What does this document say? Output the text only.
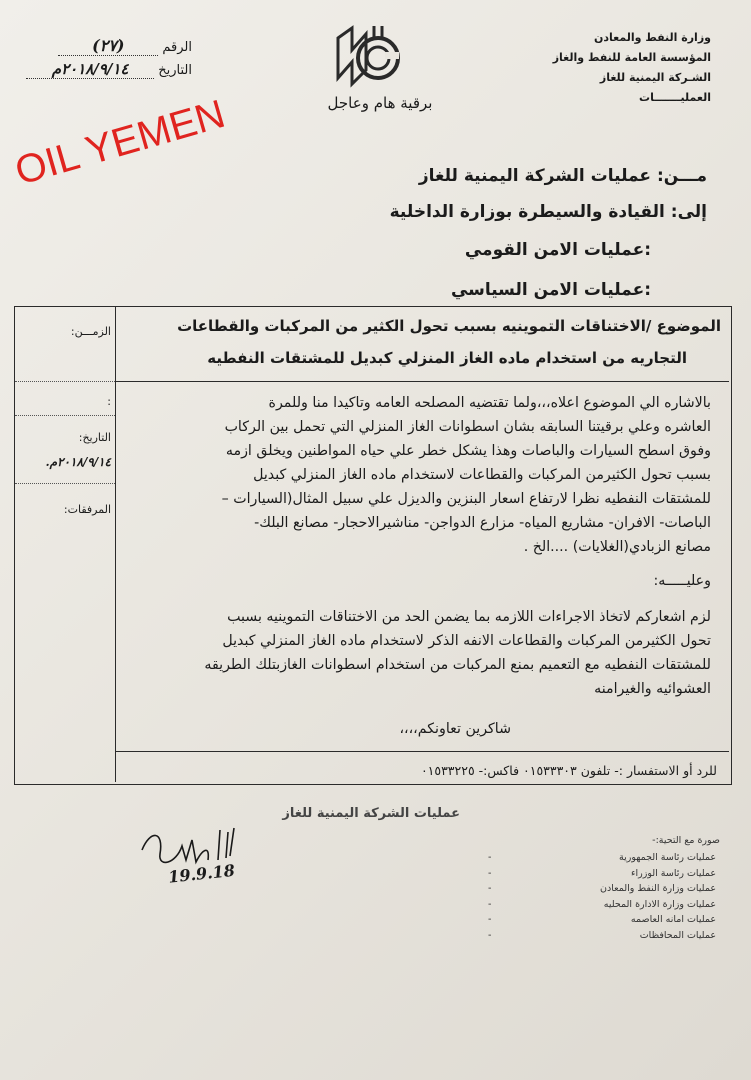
وزارة النفط والمعادن
المؤسسة العامة للنفط والغاز
الشـركة اليمنية للغاز
العمليـــــــات
برقية هام وعاجل
(٢٧)	الرقم
٢٠١٨/٩/١٤م التاريخ
OIL YEMEN	مـــن: عمليات الشركة اليمنية للغاز
إلى: القيادة والسيطرة بوزارة الداخلية
:عمليات الامن القومي
:عمليات الامن السياسي
الزمـــن:
:
التاريخ:
٢٠١٨/٩/١٤م.
المرفقات:
الموضوع /الاختناقات التموينيه بسبب تحول الكثير من المركبات والقطاعات
التجاريه من استخدام ماده الغاز المنزلي كبديل للمشتقات النفطيه
بالاشاره الي الموضوع اعلاه،،،ولما تقتضيه المصلحه العامه وتاكيدا منا وللمرة
العاشره وعلي برقيتنا السابقه بشان اسطوانات الغاز المنزلي التي تحمل بين الركاب
وفوق اسطح السيارات والباصات وهذا يشكل خطر علي حياه المواطنين ويخلق ازمه
بسبب تحول الكثيرمن المركبات والقطاعات لاستخدام ماده الغاز المنزلي كبديل
للمشتقات النفطيه نظرا لارتفاع اسعار البنزين والديزل علي سبيل المثال(السيارات –
الباصات- الافران- مشاريع المياه- مزارع الدواجن- مناشيرالاحجار- مصانع البلك-
مصانع الزبادي(الغلايات) ....الخ .
وعليـــــه:
لزم اشعاركم لاتخاذ الاجراءات اللازمه بما يضمن الحد من الاختناقات التموينيه بسبب
تحول الكثيرمن المركبات والقطاعات الانفه الذكر لاستخدام ماده الغاز المنزلي كبديل
للمشتقات النفطيه مع التعميم بمنع المركبات من استخدام اسطوانات الغازبتلك الطريقه
العشوائيه والغيرامنه
شاكرين تعاونكم،،،،
للرد أو الاستفسار :- تلفون ٠١٥٣٣٣٠٣ فاكس:- ٠١٥٣٣٢٢٥
عمليات الشركة اليمنية للغاز
19.9.18
صورة مع التحية:-
-	عمليات رئاسة الجمهورية
-	عمليات رئاسة الوزراء
-	عمليات وزارة النفط والمعادن
-	عمليات وزارة الادارة المحليه
-	عمليات امانه العاصمه
-	عمليات المحافظات
